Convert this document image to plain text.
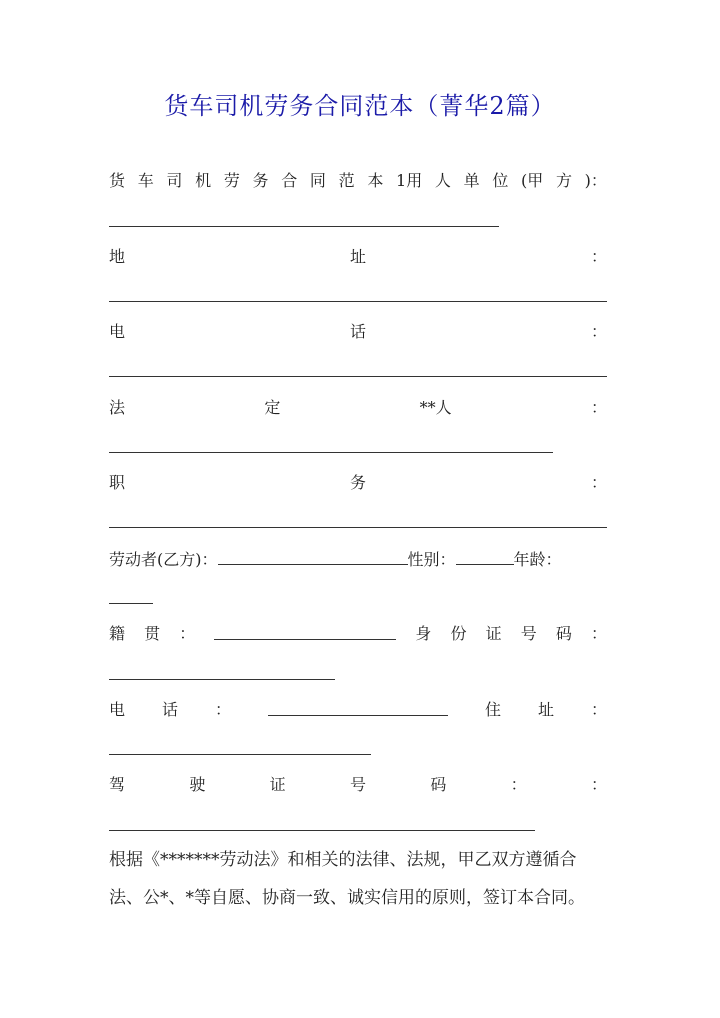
货车司机劳务合同范本（菁华2篇）
货 车 司 机 劳 务 合 同 范 本 1用 人 单 位 (甲 方 )：
地	址	：
电	话	：
法	定	**人	：
职	务	：
劳动者(乙方)：	性别：	年龄：
籍 贯 ：	身 份 证 号 码 ：
电 话 ：	住 址 ：
驾	驶	证	号	码	：	：
根据《*******劳动法》和相关的法律、法规，甲乙双方遵循合
法、公*、*等自愿、协商一致、诚实信用的原则，签订本合同。
